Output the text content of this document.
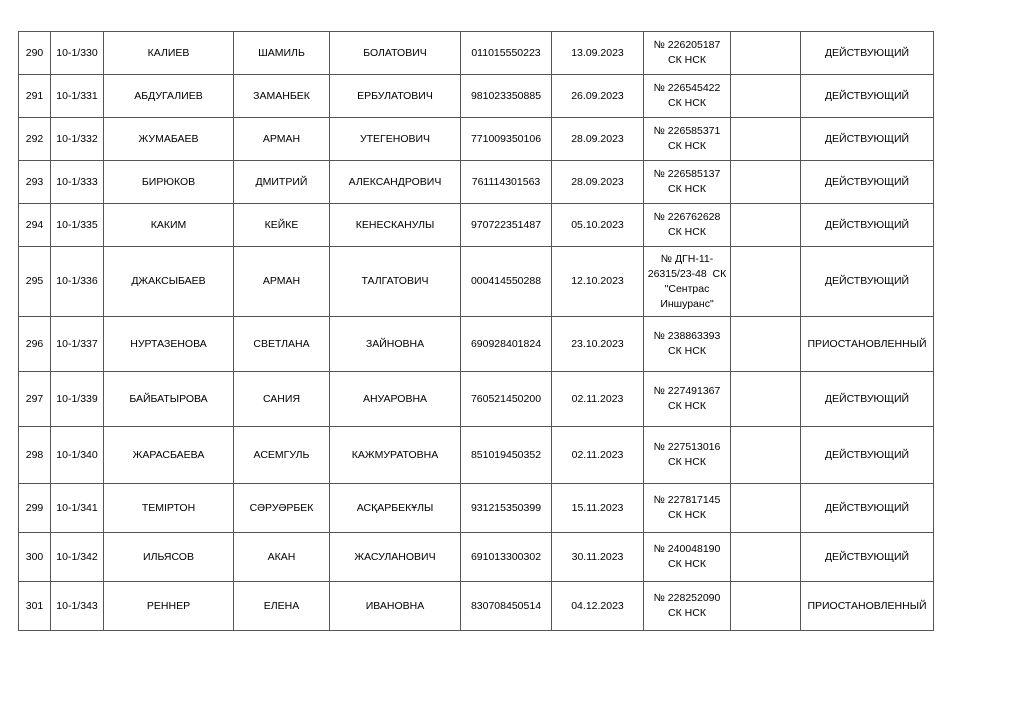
290	10-1/330	КАЛИЕВ	ШАМИЛЬ	БОЛАТОВИЧ	011015550223	13.09.2023	№ 226205187
СК НСК		ДЕЙСТВУЮЩИЙ
291	10-1/331	АБДУГАЛИЕВ	ЗАМАНБЕК	ЕРБУЛАТОВИЧ	981023350885	26.09.2023	№ 226545422
СК НСК		ДЕЙСТВУЮЩИЙ
292	10-1/332	ЖУМАБАЕВ	АРМАН	УТЕГЕНОВИЧ	771009350106	28.09.2023	№ 226585371
СК НСК		ДЕЙСТВУЮЩИЙ
293	10-1/333	БИРЮКОВ	ДМИТРИЙ	АЛЕКСАНДРОВИЧ	761114301563	28.09.2023	№ 226585137
СК НСК		ДЕЙСТВУЮЩИЙ
294	10-1/335	КАКИМ	КЕЙКЕ	КЕНЕСКАНУЛЫ	970722351487	05.10.2023	№ 226762628
СК НСК		ДЕЙСТВУЮЩИЙ
295	10-1/336	ДЖАКСЫБАЕВ	АРМАН	ТАЛГАТОВИЧ	000414550288	12.10.2023	№ ДГН-11-
26315/23-48  СК
"Сентрас
Иншуранс"		ДЕЙСТВУЮЩИЙ
296	10-1/337	НУРТАЗЕНОВА	СВЕТЛАНА	ЗАЙНОВНА	690928401824	23.10.2023	№ 238863393
СК НСК		ПРИОСТАНОВЛЕННЫЙ
297	10-1/339	БАЙБАТЫРОВА	САНИЯ	АНУАРОВНА	760521450200	02.11.2023	№ 227491367
СК НСК		ДЕЙСТВУЮЩИЙ
298	10-1/340	ЖАРАСБАЕВА	АСЕМГУЛЬ	КАЖМУРАТОВНА	851019450352	02.11.2023	№ 227513016
СК НСК		ДЕЙСТВУЮЩИЙ
299	10-1/341	ТЕМІРТОН	СӘРУӘРБЕК	АСҚАРБЕКҰЛЫ	931215350399	15.11.2023	№ 227817145
СК НСК		ДЕЙСТВУЮЩИЙ
300	10-1/342	ИЛЬЯСОВ	АКАН	ЖАСУЛАНОВИЧ	691013300302	30.11.2023	№ 240048190
СК НСК		ДЕЙСТВУЮЩИЙ
301	10-1/343	РЕННЕР	ЕЛЕНА	ИВАНОВНА	830708450514	04.12.2023	№ 228252090
СК НСК		ПРИОСТАНОВЛЕННЫЙ
